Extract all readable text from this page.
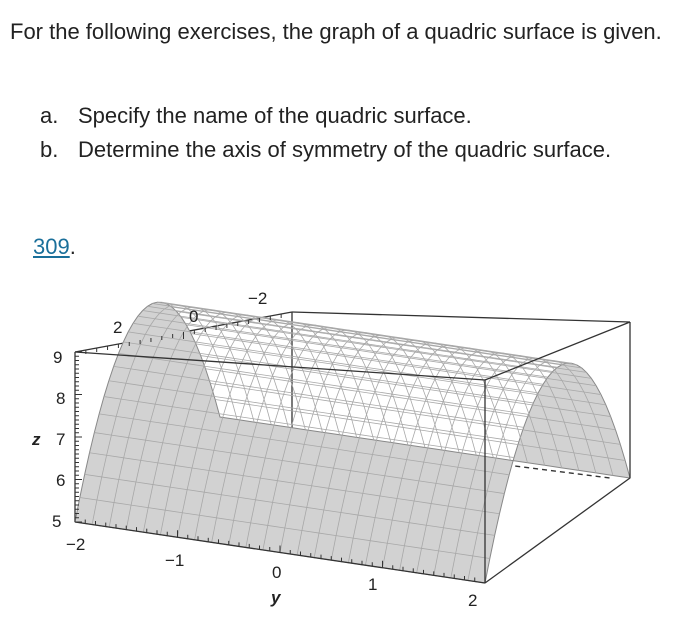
For the following exercises, the graph of a quadric surface is given.

a. Specify the name of the quadric surface.
b. Determine the axis of symmetry of the quadric surface.
309.
5
6
7
8
9
z
−2
−1
0
1
2
y
2
0
−2
